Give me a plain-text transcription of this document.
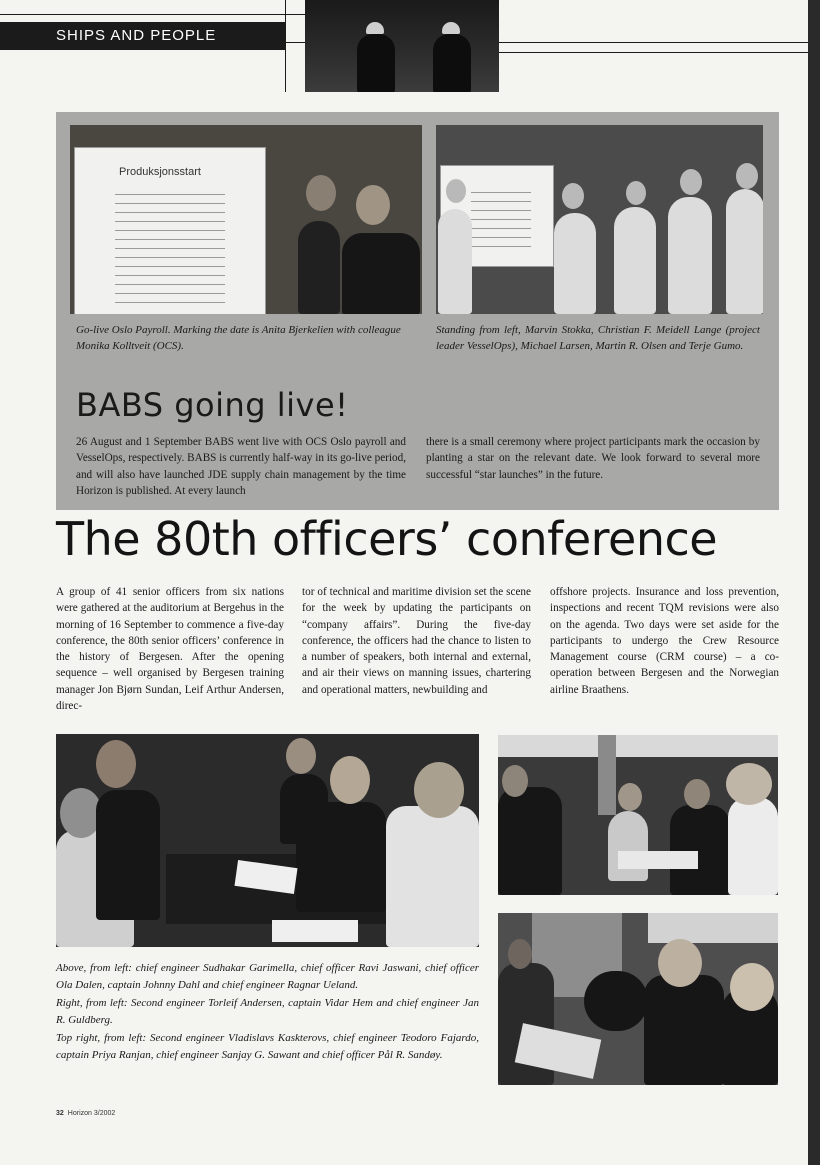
SHIPS AND PEOPLE
Produksjonsstart
Go-live Oslo Payroll. Marking the date is Anita Bjerkelien with colleague Monika Kolltveit (OCS).
Standing from left, Marvin Stokka, Christian F. Meidell Lange (project leader VesselOps), Michael Larsen, Martin R. Olsen and Terje Gumo.
BABS going live!
26 August and 1 September BABS went live with OCS Oslo payroll and VesselOps, respectively. BABS is currently half-way in its go-live period, and will also have launched JDE supply chain management by the time Horizon is published. At every launch
there is a small ceremony where project participants mark the occasion by planting a star on the relevant date. We look forward to several more successful “star launches” in the future.
The 80th officers’ conference
A group of 41 senior officers from six nations were gathered at the auditorium at Bergehus in the morning of 16 September to commence a five-day conference, the 80th senior officers’ conference in the history of Bergesen. After the opening sequence – well organised by Bergesen training manager Jon Bjørn Sundan, Leif Arthur Andersen, direc-
tor of technical and maritime division set the scene for the week by updating the participants on “company affairs”. During the five-day conference, the officers had the chance to listen to a number of speakers, both internal and external, and air their views on manning issues, chartering and operational matters, newbuilding and
offshore projects. Insurance and loss prevention, inspections and recent TQM revisions were also on the agenda. Two days were set aside for the participants to undergo the Crew Resource Management course (CRM course) – a co-operation between Bergesen and the Norwegian airline Braathens.
Above, from left: chief engineer Sudhakar Garimella, chief officer Ravi Jaswani, chief officer Ola Dalen, captain Johnny Dahl and chief engineer Ragnar Ueland.
Right, from left: Second engineer Torleif Andersen, captain Vidar Hem and chief engineer Jan R. Guldberg.
Top right, from left: Second engineer Vladislavs Kaskterovs, chief engineer Teodoro Fajardo, captain Priya Ranjan, chief engineer Sanjay G. Sawant and chief officer Pål R. Sandøy.
32 Horizon 3/2002
